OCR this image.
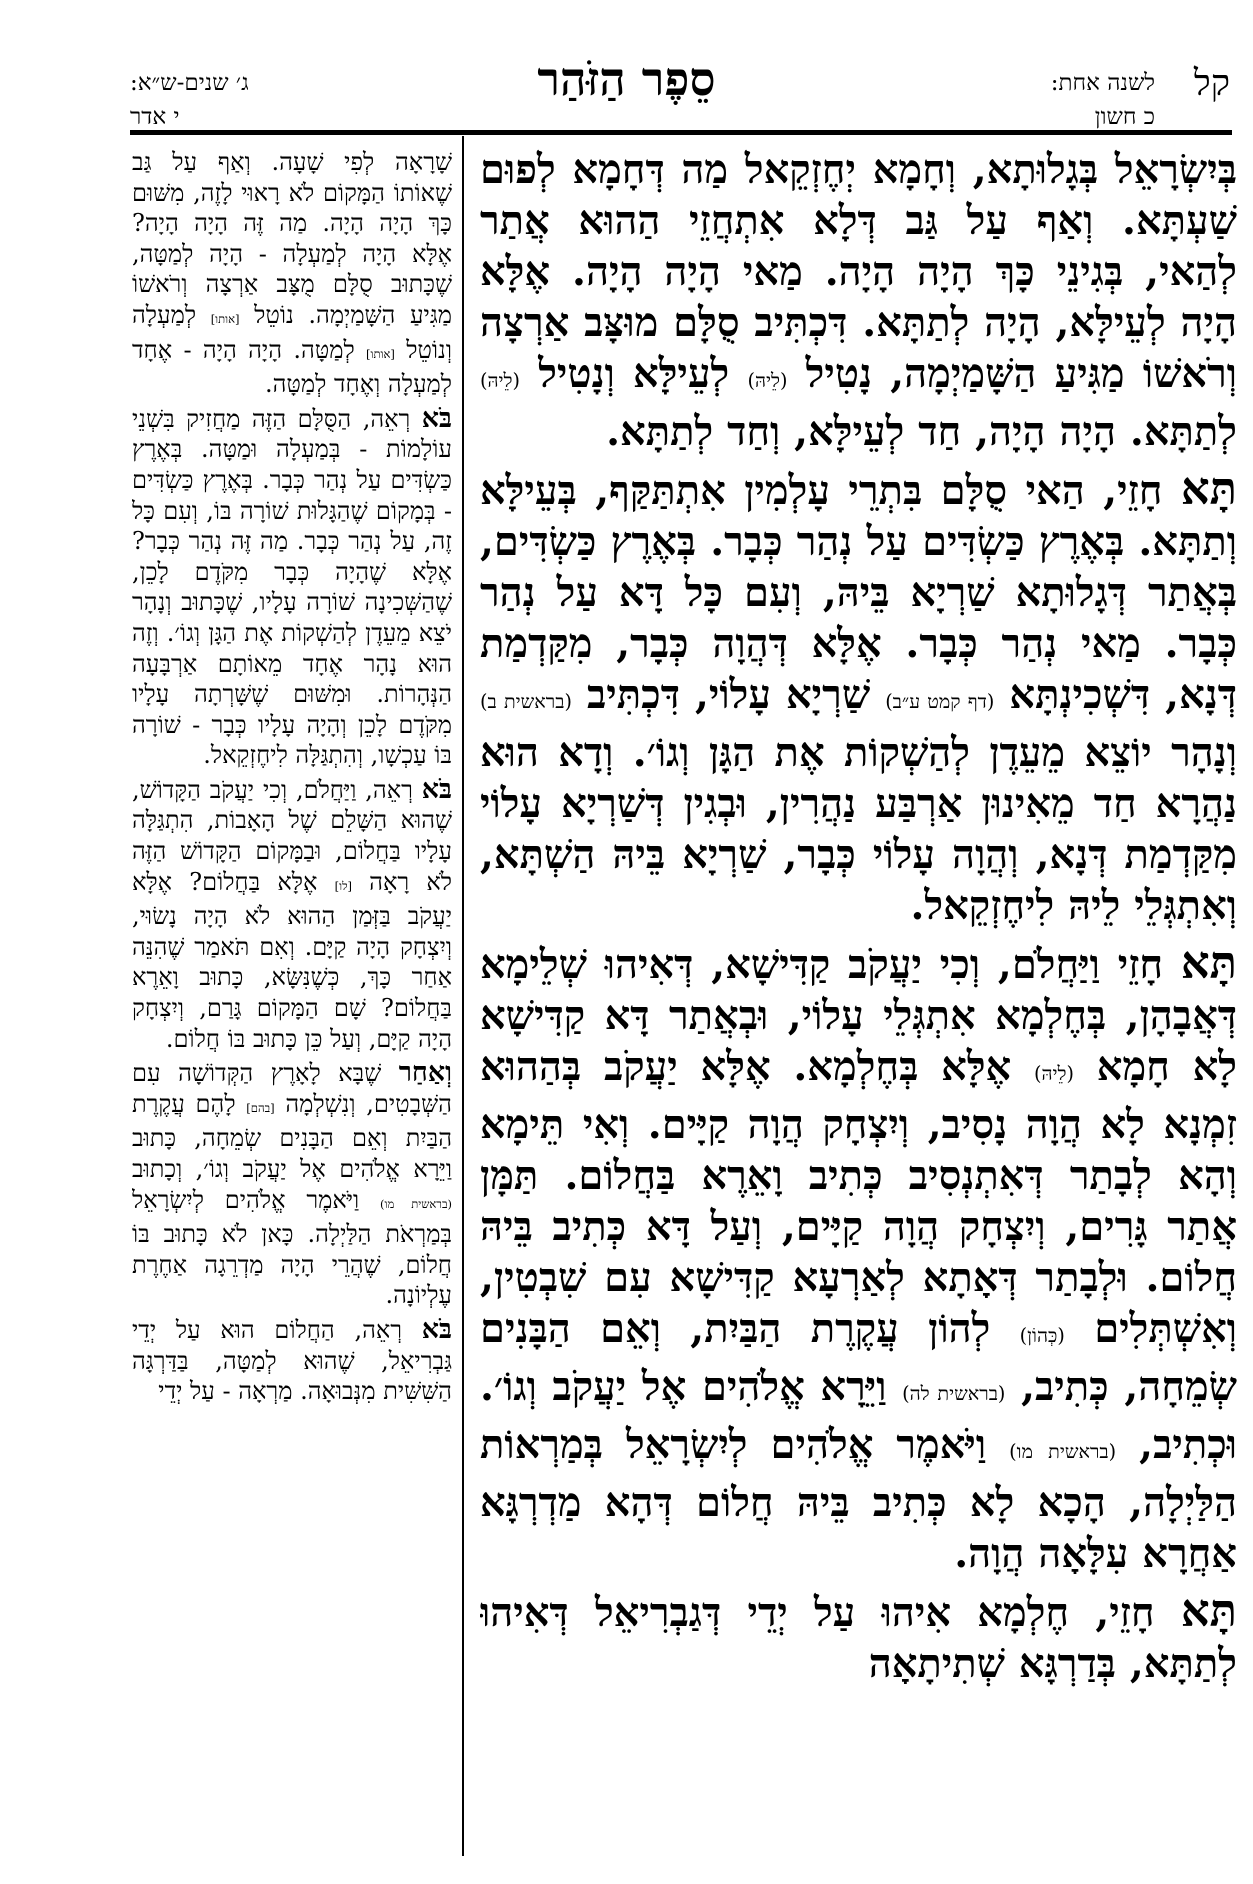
קל
לשנה אחת:
כ חשון
סֵפֶר הַזֹּהַר
ג׳ שנים-ש״א:
י אדר

בְּיִשְׂרָאֵל בְּגָלוּתָא, וְחָמָא יְחֶזְקֵאל מַה דְּחָמָא לְפוּם שַׁעְתָּא. וְאַף עַל גַּב דְּלָא אִתְחֲזֵי הַהוּא אֲתַר לְהַאי, בְּגִינֵי כָּךְ הָיָה הָיָה. מַאי הָיָה הָיָה. אֶלָּא הָיָה לְעֵילָּא, הָיָה לְתַתָּא. דִּכְתִּיב סֻלָּם מוּצָּב אַרְצָה וְרֹאשׁוֹ מַגִּיעַ הַשָּׁמַיְמָה, נָטִיל (לֵיהּ) לְעֵילָּא וְנָטִיל (לֵיהּ) לְתַתָּא. הָיָה הָיָה, חַד לְעֵילָּא, וְחַד לְתַתָּא.

תָּא חָזֵי, הַאי סֻלָּם בִּתְרֵי עָלְמִין אִתְתַּקַּף, בְּעֵילָּא וְתַתָּא. בְּאֶרֶץ כַּשְׂדִּים עַל נְהַר כְּבָר. בְּאֶרֶץ כַּשְׂדִּים, בְּאֲתַר דְּגָלוּתָא שַׁרְיָא בֵּיהּ, וְעִם כָּל דָּא עַל נְהַר כְּבָר. מַאי נְהַר כְּבָר. אֶלָּא דְּהֲוָה כְּבָר, מִקַּדְמַת דְּנָא, דִּשְׁכִינְתָּא (דף קמט ע״ב) שַׁרְיָא עָלוֹי, דִּכְתִּיב (בראשית ב) וְנָהָר יוֹצֵא מֵעֵדֶן לְהַשְׁקוֹת אֶת הַגָּן וְגוֹ׳. וְדָא הוּא נַהֲרָא חַד מֵאִינוּן אַרְבַּע נַהֲרִין, וּבְגִין דְּשַׁרְיָא עָלוֹי מִקַּדְמַת דְּנָא, וְהֲוָה עָלוֹי כְּבָר, שַׁרְיָא בֵּיהּ הַשְׁתָּא, וְאִתְגְּלֵי לֵיהּ לִיחֶזְקֵאל.

תָּא חָזֵי וַיַּחֲלֹם, וְכִי יַעֲקֹב קַדִּישָׁא, דְּאִיהוּ שְׁלֵימָא דְּאֲבָהָן, בְּחֶלְמָא אִתְגְּלֵי עָלוֹי, וּבְאֲתַר דָּא קַדִּישָׁא לָא חָמָא (לֵיהּ) אֶלָּא בְּחֶלְמָא. אֶלָּא יַעֲקֹב בְּהַהוּא זִמְנָא לָא הֲוָה נָסִיב, וְיִצְחָק הֲוָה קַיָּים. וְאִי תֵּימָא וְהָא לְבָתַר דְּאִתְנְסִיב כְּתִיב וָאֵרֶא בַּחֲלוֹם. תַּמָּן אֲתַר גָּרִים, וְיִצְחָק הֲוָה קַיָּים, וְעַל דָּא כְּתִיב בֵּיהּ חֲלוֹם. וּלְבָתַר דְּאָתָא לְאַרְעָא קַדִּישָׁא עִם שִׁבְטִין, וְאִשְׁתְּלִים (כְּהוֹן) לְהוֹן עֲקֶרֶת הַבַּיִת, וְאֵם הַבָּנִים שְׂמֵחָה, כְּתִיב, (בראשית לה) וַיֵּרָא אֱלֹהִים אֶל יַעֲקֹב וְגוֹ׳. וּכְתִיב, (בראשית מו) וַיֹּאמֶר אֱלֹהִים לְיִשְׂרָאֵל בְּמַרְאוֹת הַלַּיְלָה, הָכָא לָא כְּתִיב בֵּיהּ חֲלוֹם דְּהָא מַדְרְגָּא אַחֲרָא עִלָּאָה הֲוָה.

תָּא חָזֵי, חֶלְמָא אִיהוּ עַל יְדֵי דְּגַבְרִיאֵל דְּאִיהוּ לְתַתָּא, בְּדַרְגָּא שְׁתִיתָאָה

שָׁרָאָה לְפִי שָׁעָה. וְאַף עַל גַּב שֶׁאוֹתוֹ הַמָּקוֹם לֹא רָאוּי לָזֶה, מִשּׁוּם כָּךְ הָיָה הָיָה. מַה זֶּה הָיָה הָיָה? אֶלָּא הָיָה לְמַעְלָה - הָיָה לְמַטָּה, שֶׁכָּתוּב סֻלָּם מֻצָּב אַרְצָה וְרֹאשׁוֹ מַגִּיעַ הַשָּׁמַיְמָה. נוֹטֵל [אותו] לְמַעְלָה וְנוֹטֵל [אותו] לְמַטָּה. הָיָה הָיָה - אֶחָד לְמַעְלָה וְאֶחָד לְמַטָּה.

בֹּא רְאֵה, הַסֻּלָּם הַזֶּה מַחֲזִיק בִּשְׁנֵי עוֹלָמוֹת - בְּמַעְלָה וּמַטָּה. בְּאֶרֶץ כַּשְׂדִּים עַל נְהַר כְּבָר. בְּאֶרֶץ כַּשְׂדִּים - בְּמָקוֹם שֶׁהַגָּלוּת שׁוֹרָה בּוֹ, וְעִם כָּל זֶה, עַל נְהַר כְּבָר. מַה זֶּה נְהַר כְּבָר? אֶלָּא שֶׁהָיָה כְּבָר מִקֹּדֶם לָכֵן, שֶׁהַשְּׁכִינָה שׁוֹרָה עָלָיו, שֶׁכָּתוּב וְנָהָר יֹצֵא מֵעֵדֶן לְהַשְׁקוֹת אֶת הַגָּן וְגוֹ׳. וְזֶה הוּא נָהָר אֶחָד מֵאוֹתָם אַרְבָּעָה הַנְּהָרוֹת. וּמִשּׁוּם שֶׁשָּׁרְתָה עָלָיו מִקֹּדֶם לָכֵן וְהָיָה עָלָיו כְּבָר - שׁוֹרָה בּוֹ עַכְשָׁו, וְהִתְגַּלָּה לִיחֶזְקֵאל.

בֹּא רְאֵה, וַיַּחֲלֹם, וְכִי יַעֲקֹב הַקָּדוֹשׁ, שֶׁהוּא הַשָּׁלֵם שֶׁל הָאָבוֹת, הִתְגַּלָּה עָלָיו בַּחֲלוֹם, וּבַמָּקוֹם הַקָּדוֹשׁ הַזֶּה לֹא רָאָה [לו] אֶלָּא בַּחֲלוֹם? אֶלָּא יַעֲקֹב בַּזְּמַן הַהוּא לֹא הָיָה נָשׂוּי, וְיִצְחָק הָיָה קַיָּם. וְאִם תֹּאמַר שֶׁהִנֵּה אַחַר כָּךְ, כְּשֶׁנִּשָּׂא, כָּתוּב וָאֵרֶא בַּחֲלוֹם? שָׁם הַמָּקוֹם גָּרַם, וְיִצְחָק הָיָה קַיָּם, וְעַל כֵּן כָּתוּב בּוֹ חֲלוֹם.

וְאַחַר שֶׁבָּא לָאָרֶץ הַקְּדוֹשָׁה עִם הַשְּׁבָטִים, וְנִשְׁלְמָה [בהם] לָהֶם עֲקֶרֶת הַבַּיִת וְאֵם הַבָּנִים שְׂמֵחָה, כָּתוּב וַיֵּרָא אֱלֹהִים אֶל יַעֲקֹב וְגוֹ׳, וְכָתוּב (בראשית מו) וַיֹּאמֶר אֱלֹהִים לְיִשְׂרָאֵל בְּמַרְאֹת הַלַּיְלָה. כָּאן לֹא כָּתוּב בּוֹ חֲלוֹם, שֶׁהֲרֵי הָיָה מַדְרֵגָה אַחֶרֶת עֶלְיוֹנָה.

בֹּא רְאֵה, הַחֲלוֹם הוּא עַל יְדֵי גַּבְרִיאֵל, שֶׁהוּא לְמַטָּה, בַּדַּרְגָּה הַשִּׁשִּׁית מִנְּבוּאָה. מַרְאָה - עַל יְדֵי
